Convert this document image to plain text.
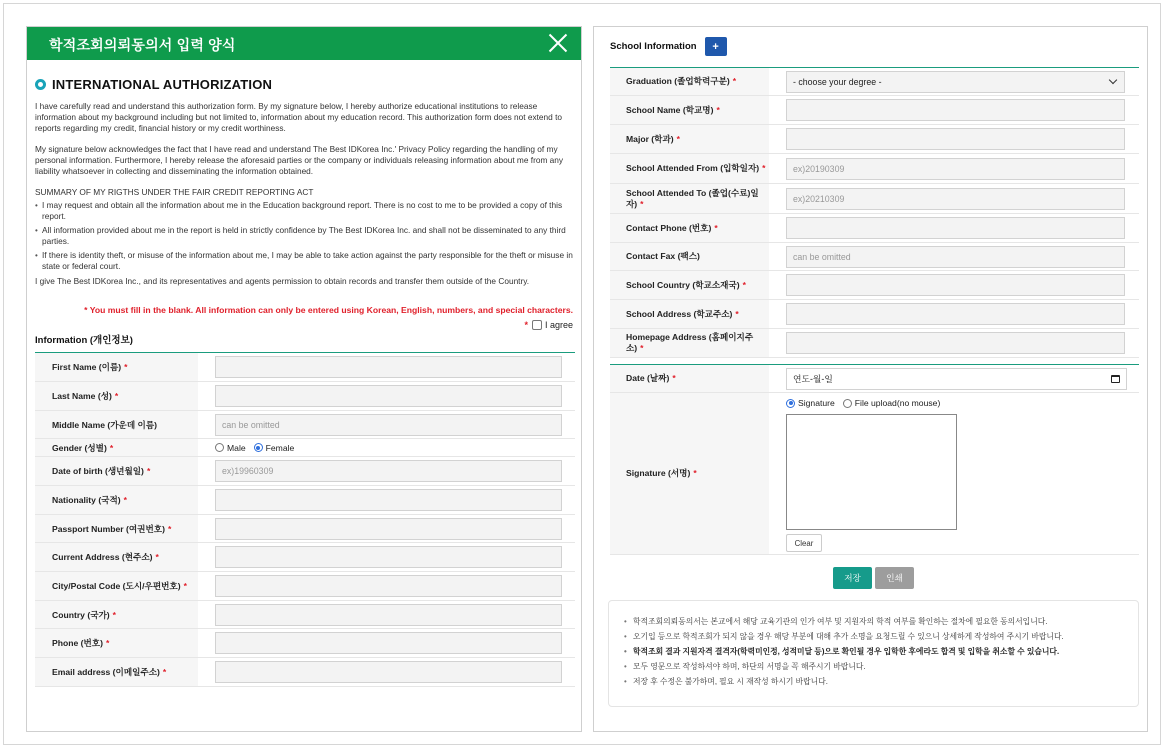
학적조회의뢰동의서 입력 양식
INTERNATIONAL AUTHORIZATION

I have carefully read and understand this authorization form. By my signature below, I hereby authorize educational institutions to release information about my background including but not limited to, information about my education record. This authorization form does not extend to reports regarding my credit, financial history or my credit worthiness.

My signature below acknowledges the fact that I have read and understand The Best IDKorea Inc.' Privacy Policy regarding the handling of my personal information. Furthermore, I hereby release the aforesaid parties or the company or individuals releasing information about me from any liability whatsoever in collecting and disseminating the information obtained.

SUMMARY OF MY RIGTHS UNDER THE FAIR CREDIT REPORTING ACT

• I may request and obtain all the information about me in the Education background report. There is no cost to me to be provided a copy of this report.
• All information provided about me in the report is held in strictly confidence by The Best IDKorea Inc. and shall not be disseminated to any third parties.
• If there is identity theft, or misuse of the information about me, I may be able to take action against the party responsible for the theft or misuse in state or federal court.

I give The Best IDKorea Inc., and its representatives and agents permission to obtain records and transfer them outside of the Country.

* You must fill in the blank. All information can only be entered using Korean, English, numbers, and special characters.
* I agree
Information (개인정보)
First Name (이름) *
Last Name (성) *
Middle Name (가운데 이름)	can be omitted
Gender (성별) *	Male Female
Date of birth (생년월일) *	ex)19960309
Nationality (국적) *
Passport Number (여권번호) *
Current Address (현주소) *
City/Postal Code (도시/우편번호) *
Country (국가) *
Phone (번호) *
Email address (이메일주소) *
School Information	+
Graduation (졸업학력구분) *	- choose your degree -
School Name (학교명) *
Major (학과) *
School Attended From (입학일자) *	ex)20190309
School Attended To (졸업(수료)일자) *	ex)20210309
Contact Phone (번호) *
Contact Fax (팩스)	can be omitted
School Country (학교소재국) *
School Address (학교주소) *
Homepage Address (홈페이지주소) *
Date (날짜) *	연도-월-일
Signature (서명) *
Signature File upload(no mouse)
Clear
저장	인쇄
• 학적조회의뢰동의서는 본교에서 해당 교육기관의 인가 여부 및 지원자의 학적 여부를 확인하는 절차에 필요한 동의서입니다.
• 오기입 등으로 학적조회가 되지 않을 경우 해당 부분에 대해 추가 소명을 요청드릴 수 있으니 상세하게 작성하여 주시기 바랍니다.
• 학적조회 결과 지원자격 결격자(학력미인정, 성적미달 등)으로 확인될 경우 입학한 후에라도 합격 및 입학을 취소할 수 있습니다.
• 모두 영문으로 작성하셔야 하며, 하단의 서명을 꼭 해주시기 바랍니다.
• 저장 후 수정은 불가하며, 필요 시 재작성 하시기 바랍니다.
